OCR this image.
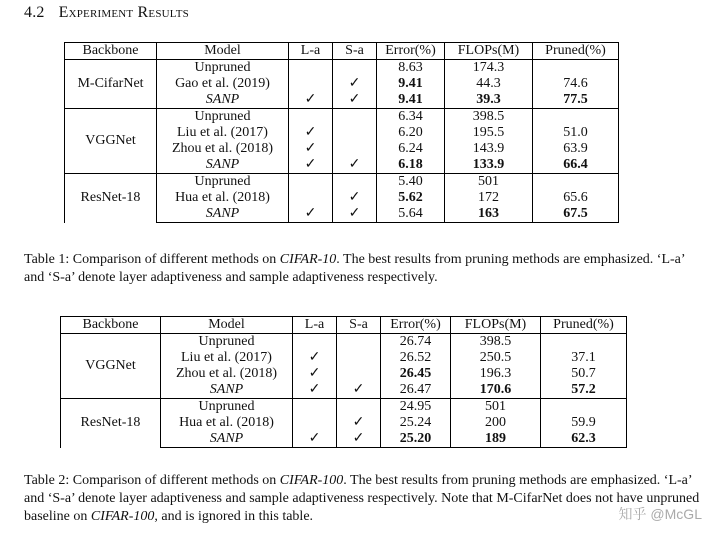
4.2 Experiment Results
Backbone	Model	L-a	S-a	Error(%)	FLOPs(M)	Pruned(%)
M-CifarNet	Unpruned			8.63	174.3	
	Gao et al. (2019)		✓	9.41	44.3	74.6
	SANP	✓	✓	9.41	39.3	77.5
VGGNet	Unpruned			6.34	398.5	
	Liu et al. (2017)	✓		6.20	195.5	51.0
	Zhou et al. (2018)	✓		6.24	143.9	63.9
	SANP	✓	✓	6.18	133.9	66.4
ResNet-18	Unpruned			5.40	501	
	Hua et al. (2018)		✓	5.62	172	65.6
	SANP	✓	✓	5.64	163	67.5
Table 1: Comparison of different methods on CIFAR-10. The best results from pruning methods are emphasized. ‘L-a’ and ‘S-a’ denote layer adaptiveness and sample adaptiveness respectively.
Backbone	Model	L-a	S-a	Error(%)	FLOPs(M)	Pruned(%)
VGGNet	Unpruned			26.74	398.5	
	Liu et al. (2017)	✓		26.52	250.5	37.1
	Zhou et al. (2018)	✓		26.45	196.3	50.7
	SANP	✓	✓	26.47	170.6	57.2
ResNet-18	Unpruned			24.95	501	
	Hua et al. (2018)		✓	25.24	200	59.9
	SANP	✓	✓	25.20	189	62.3
Table 2: Comparison of different methods on CIFAR-100. The best results from pruning methods are emphasized. ‘L-a’ and ‘S-a’ denote layer adaptiveness and sample adaptiveness respectively. Note that M-CifarNet does not have unpruned baseline on CIFAR-100, and is ignored in this table.	知乎 @McGL
